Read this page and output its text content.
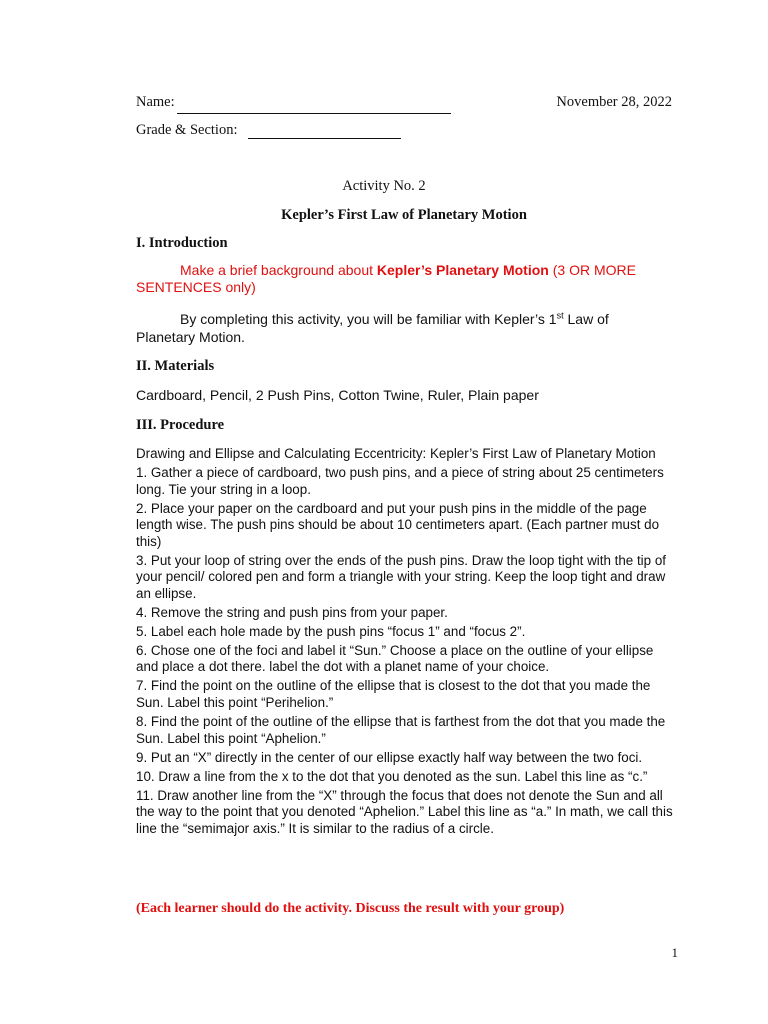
Name:	November 28, 2022
Grade & Section:
Activity No. 2
Kepler’s First Law of Planetary Motion
I. Introduction
Make a brief background about Kepler’s Planetary Motion (3 OR MORE SENTENCES only)
By completing this activity, you will be familiar with Kepler’s 1st Law of Planetary Motion.
II. Materials
Cardboard, Pencil, 2 Push Pins, Cotton Twine, Ruler, Plain paper
III. Procedure

Drawing and Ellipse and Calculating Eccentricity: Kepler’s First Law of Planetary Motion

1. Gather a piece of cardboard, two push pins, and a piece of string about 25 centimeters long. Tie your string in a loop.

2. Place your paper on the cardboard and put your push pins in the middle of the page length wise. The push pins should be about 10 centimeters apart. (Each partner must do this)

3. Put your loop of string over the ends of the push pins. Draw the loop tight with the tip of your pencil/ colored pen and form a triangle with your string. Keep the loop tight and draw an ellipse.

4. Remove the string and push pins from your paper.

5. Label each hole made by the push pins “focus 1” and “focus 2”.

6. Chose one of the foci and label it “Sun.” Choose a place on the outline of your ellipse and place a dot there. label the dot with a planet name of your choice.

7. Find the point on the outline of the ellipse that is closest to the dot that you made the Sun. Label this point “Perihelion.”

8. Find the point of the outline of the ellipse that is farthest from the dot that you made the Sun. Label this point “Aphelion.”

9. Put an “X” directly in the center of our ellipse exactly half way between the two foci.

10. Draw a line from the x to the dot that you denoted as the sun. Label this line as “c.”

11. Draw another line from the “X” through the focus that does not denote the Sun and all the way to the point that you denoted “Aphelion.” Label this line as “a.” In math, we call this line the “semimajor axis.” It is similar to the radius of a circle.

(Each learner should do the activity. Discuss the result with your group)
1
